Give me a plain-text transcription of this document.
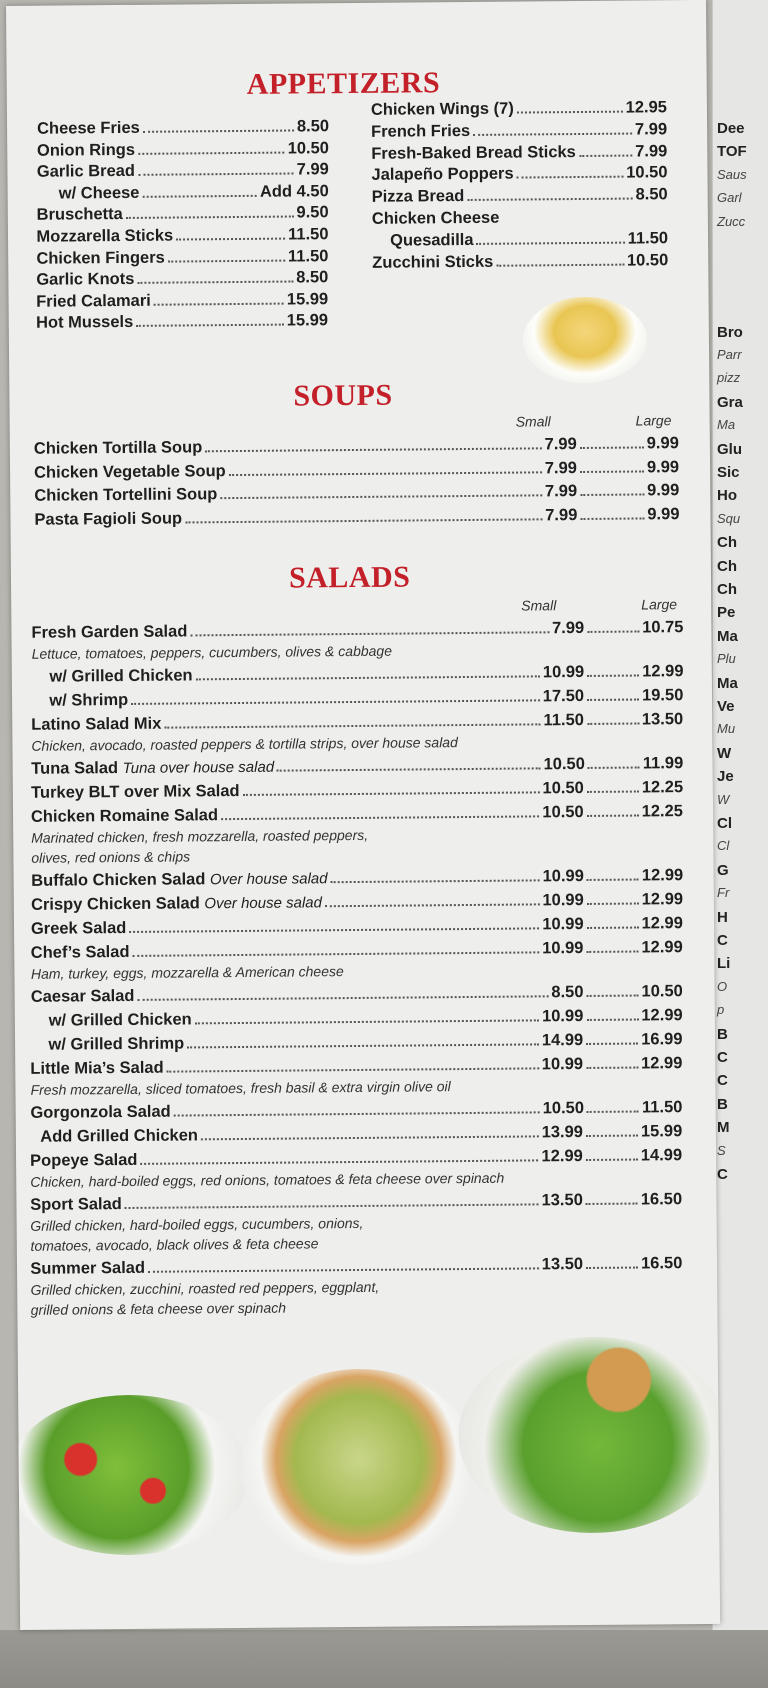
Dee
TOF
Saus
Garl
Zucc
Bro
Parr
pizz
Gra
Ma
Glu
Sic
Ho
Squ
Ch
Ch
Ch
Pe
Ma
Plu
Ma
Ve
Mu
W
Je
W
Cl
Cl
G
Fr
H
C
Li
O
p
B
C
C
B
M
S
C
APPETIZERS
Cheese Fries	8.50
Onion Rings	10.50
Garlic Bread	7.99
w/ Cheese	Add 4.50
Bruschetta	9.50
Mozzarella Sticks	11.50
Chicken Fingers	11.50
Garlic Knots	8.50
Fried Calamari	15.99
Hot Mussels	15.99
Chicken Wings (7)	12.95
French Fries	7.99
Fresh-Baked Bread Sticks	7.99
Jalapeño Poppers	10.50
Pizza Bread	8.50
Chicken Cheese
Quesadilla	11.50
Zucchini Sticks	10.50
SOUPS
Small	Large
Chicken Tortilla Soup	7.99	9.99
Chicken Vegetable Soup	7.99	9.99
Chicken Tortellini Soup	7.99	9.99
Pasta Fagioli Soup	7.99	9.99
SALADS
Small	Large
Fresh Garden Salad	7.99	10.75
Lettuce, tomatoes, peppers, cucumbers, olives & cabbage
w/ Grilled Chicken	10.99	12.99
w/ Shrimp	17.50	19.50
Latino Salad Mix	11.50	13.50
Chicken, avocado, roasted peppers & tortilla strips, over house salad
Tuna Salad Tuna over house salad	10.50	11.99
Turkey BLT over Mix Salad	10.50	12.25
Chicken Romaine Salad	10.50	12.25
Marinated chicken, fresh mozzarella, roasted peppers,
olives, red onions & chips
Buffalo Chicken Salad Over house salad	10.99	12.99
Crispy Chicken Salad Over house salad	10.99	12.99
Greek Salad	10.99	12.99
Chef’s Salad	10.99	12.99
Ham, turkey, eggs, mozzarella & American cheese
Caesar Salad	8.50	10.50
w/ Grilled Chicken	10.99	12.99
w/ Grilled Shrimp	14.99	16.99
Little Mia’s Salad	10.99	12.99
Fresh mozzarella, sliced tomatoes, fresh basil & extra virgin olive oil
Gorgonzola Salad	10.50	11.50
Add Grilled Chicken	13.99	15.99
Popeye Salad	12.99	14.99
Chicken, hard-boiled eggs, red onions, tomatoes & feta cheese over spinach
Sport Salad	13.50	16.50
Grilled chicken, hard-boiled eggs, cucumbers, onions,
tomatoes, avocado, black olives & feta cheese
Summer Salad	13.50	16.50
Grilled chicken, zucchini, roasted red peppers, eggplant,
grilled onions & feta cheese over spinach
